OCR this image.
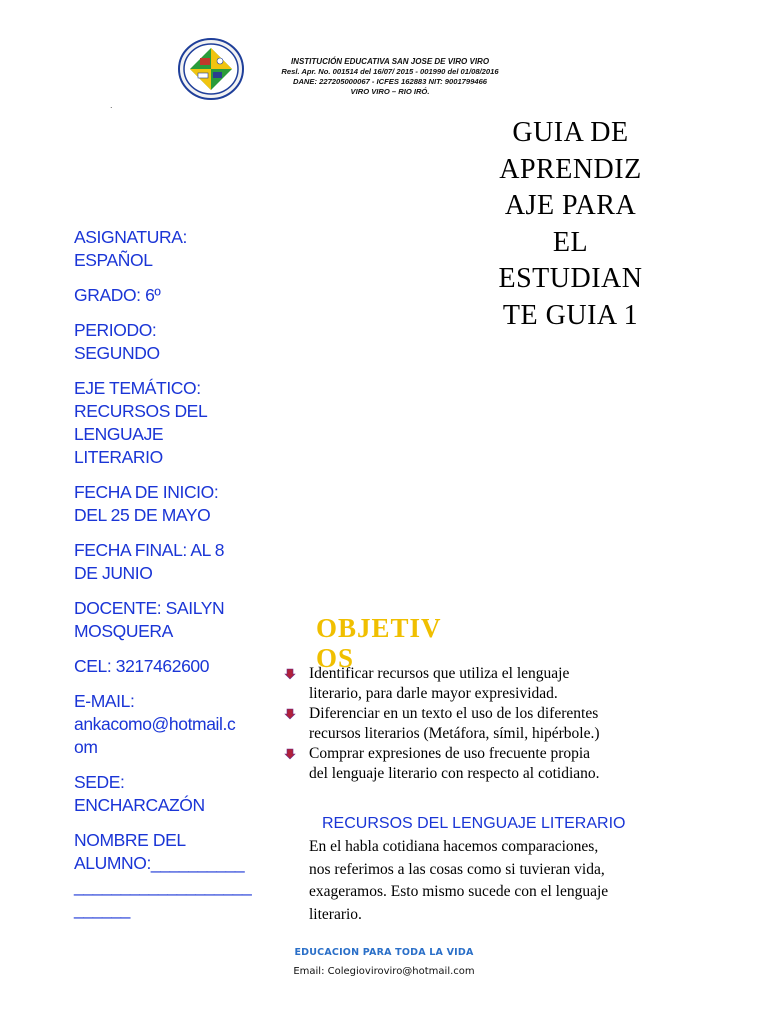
INSTITUCIÓN EDUCATIVA SAN JOSE DE VIRO VIRO
Resl. Apr. No. 001514 del 16/07/ 2015 - 001990 del 01/08/2016
DANE: 227205000067 - ICFES 162883 NIT: 9001799466
VIRO VIRO – RIO IRÓ.
.
GUIA DE
APRENDIZ
AJE PARA
EL
ESTUDIAN
TE GUIA 1
ASIGNATURA:
ESPAÑOL
GRADO: 6º
PERIODO:
SEGUNDO
EJE TEMÁTICO:
RECURSOS DEL
LENGUAJE
LITERARIO
FECHA DE INICIO:
DEL 25 DE MAYO
FECHA FINAL: AL 8
DE JUNIO
DOCENTE: SAILYN
MOSQUERA
CEL: 3217462600
E-MAIL:
ankacomo@hotmail.c
om
SEDE:
ENCHARCAZÓN
NOMBRE DEL
ALUMNO:__________
___________________
______
OBJETIV
OS
Identificar recursos que utiliza el lenguaje
literario, para darle mayor expresividad.
Diferenciar en un texto el uso de los diferentes
recursos literarios (Metáfora, símil, hipérbole.)
Comprar expresiones de uso frecuente propia
del lenguaje literario con respecto al cotidiano.
RECURSOS DEL LENGUAJE LITERARIO
En el habla cotidiana hacemos comparaciones,
nos referimos a las cosas como si tuvieran vida,
exageramos. Esto mismo sucede con el lenguaje
literario.
EDUCACION PARA TODA LA VIDA
Email: Colegioviroviro@hotmail.com
